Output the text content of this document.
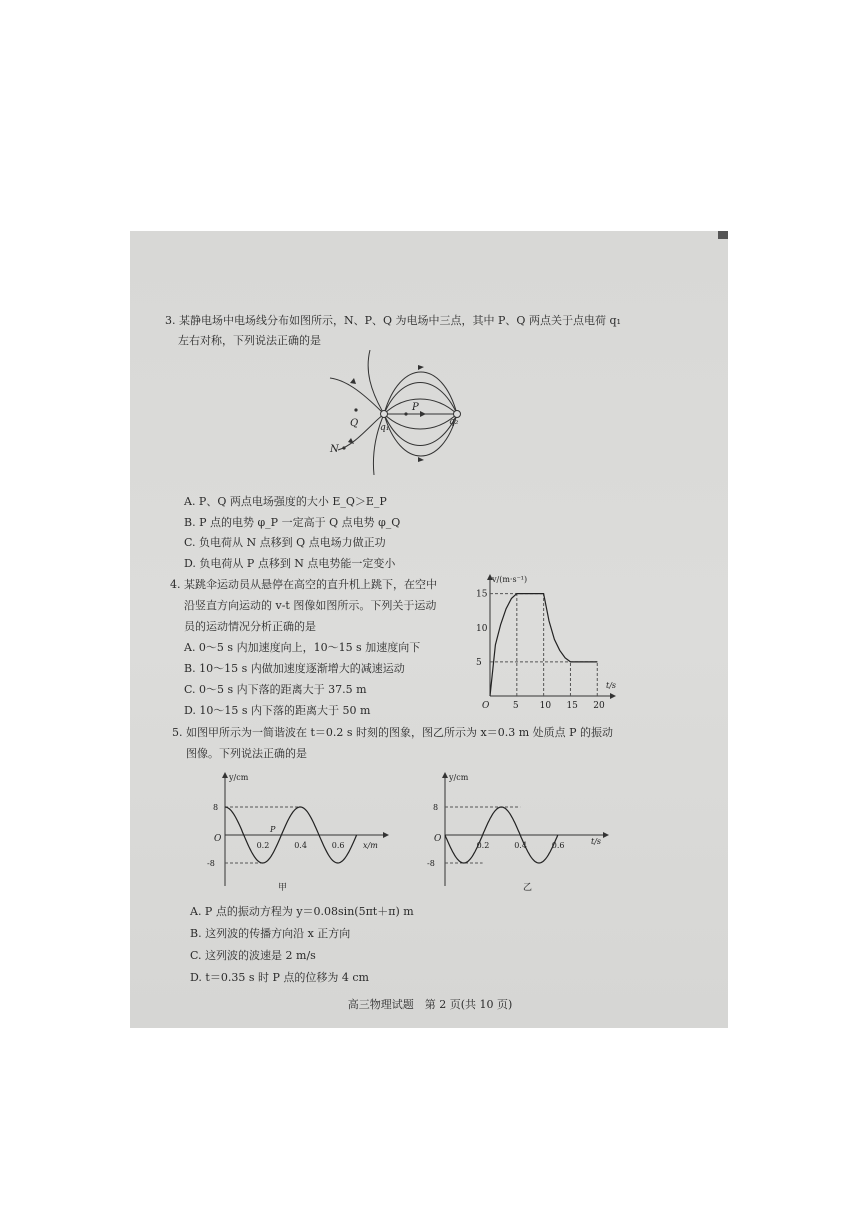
3. 某静电场中电场线分布如图所示，N、P、Q 为电场中三点，其中 P、Q 两点关于点电荷 q₁
左右对称，下列说法正确的是
Q
P
N
q₁
q₂
A. P、Q 两点电场强度的大小 E_Q＞E_P
B. P 点的电势 φ_P 一定高于 Q 点电势 φ_Q
C. 负电荷从 N 点移到 Q 点电场力做正功
D. 负电荷从 P 点移到 N 点电势能一定变小
4. 某跳伞运动员从悬停在高空的直升机上跳下，在空中
沿竖直方向运动的 v-t 图像如图所示。下列关于运动
员的运动情况分析正确的是
A. 0～5 s 内加速度向上，10～15 s 加速度向下
B. 10～15 s 内做加速度逐渐增大的减速运动
C. 0～5 s 内下落的距离大于 37.5 m
D. 10～15 s 内下落的距离大于 50 m
5
10
15
5 10 15 20
v/(m·s⁻¹)
t/s
O
5. 如图甲所示为一简谐波在 t＝0.2 s 时刻的图象，图乙所示为 x＝0.3 m 处质点 P 的振动
图像。下列说法正确的是
8
-8
0.2	0.4	0.6
y/cm
x/m
O
P
甲
8
-8
0.2	0.4	0.6
y/cm
t/s
O
乙
A. P 点的振动方程为 y＝0.08sin(5πt＋π) m
B. 这列波的传播方向沿 x 正方向
C. 这列波的波速是 2 m/s
D. t＝0.35 s 时 P 点的位移为 4 cm
高三物理试题　第 2 页(共 10 页)
